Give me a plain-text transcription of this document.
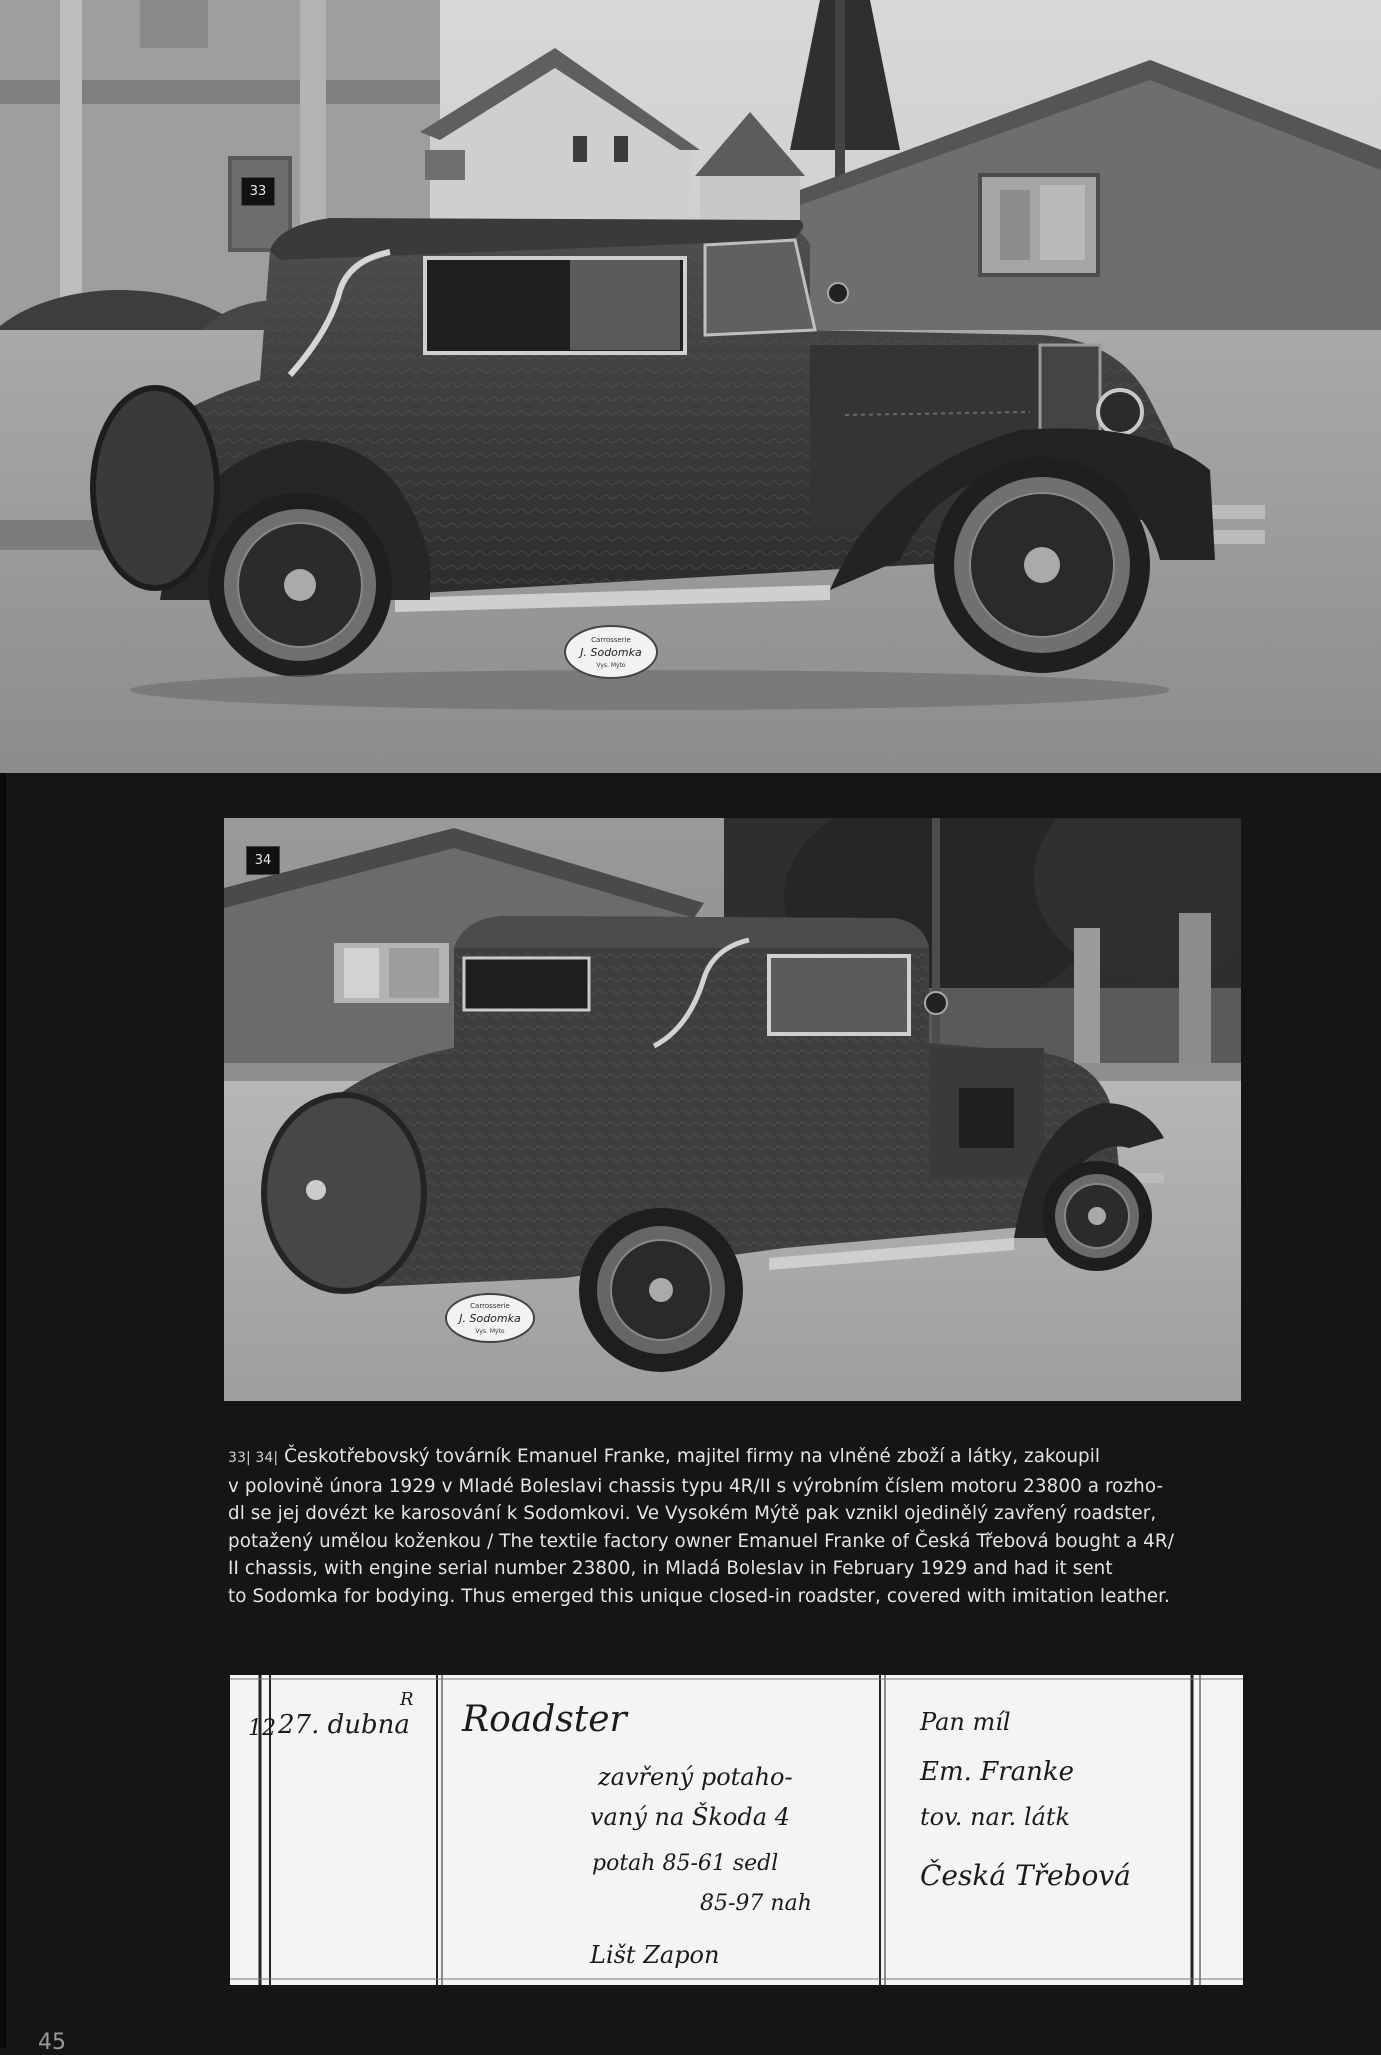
Carrosserie
J. Sodomka
Vys. Mýto
33
Carrosserie
J. Sodomka
Vys. Mýto
34
33| 34| Českotřebovský továrník Emanuel Franke, majitel firmy na vlněné zboží a látky, zakoupil
v polovině února 1929 v Mladé Boleslavi chassis typu 4R/II s výrobním číslem motoru 23800 a rozho-
dl se jej dovézt ke karosování k Sodomkovi. Ve Vysokém Mýtě pak vznikl ojedinělý zavřený roadster,
potažený umělou koženkou / The textile factory owner Emanuel Franke of Česká Třebová bought a 4R/
II chassis, with engine serial number 23800, in Mladá Boleslav in February 1929 and had it sent
to Sodomka for bodying. Thus emerged this unique closed-in roadster, covered with imitation leather.
12 27. dubna
R Roadster
zavřený potaho-
vaný na Škoda 4
potah 85-61 sedl
85-97 nah
Lišt Zapon
Pan míl
Em. Franke
tov. nar. látk
Česká Třebová
45
